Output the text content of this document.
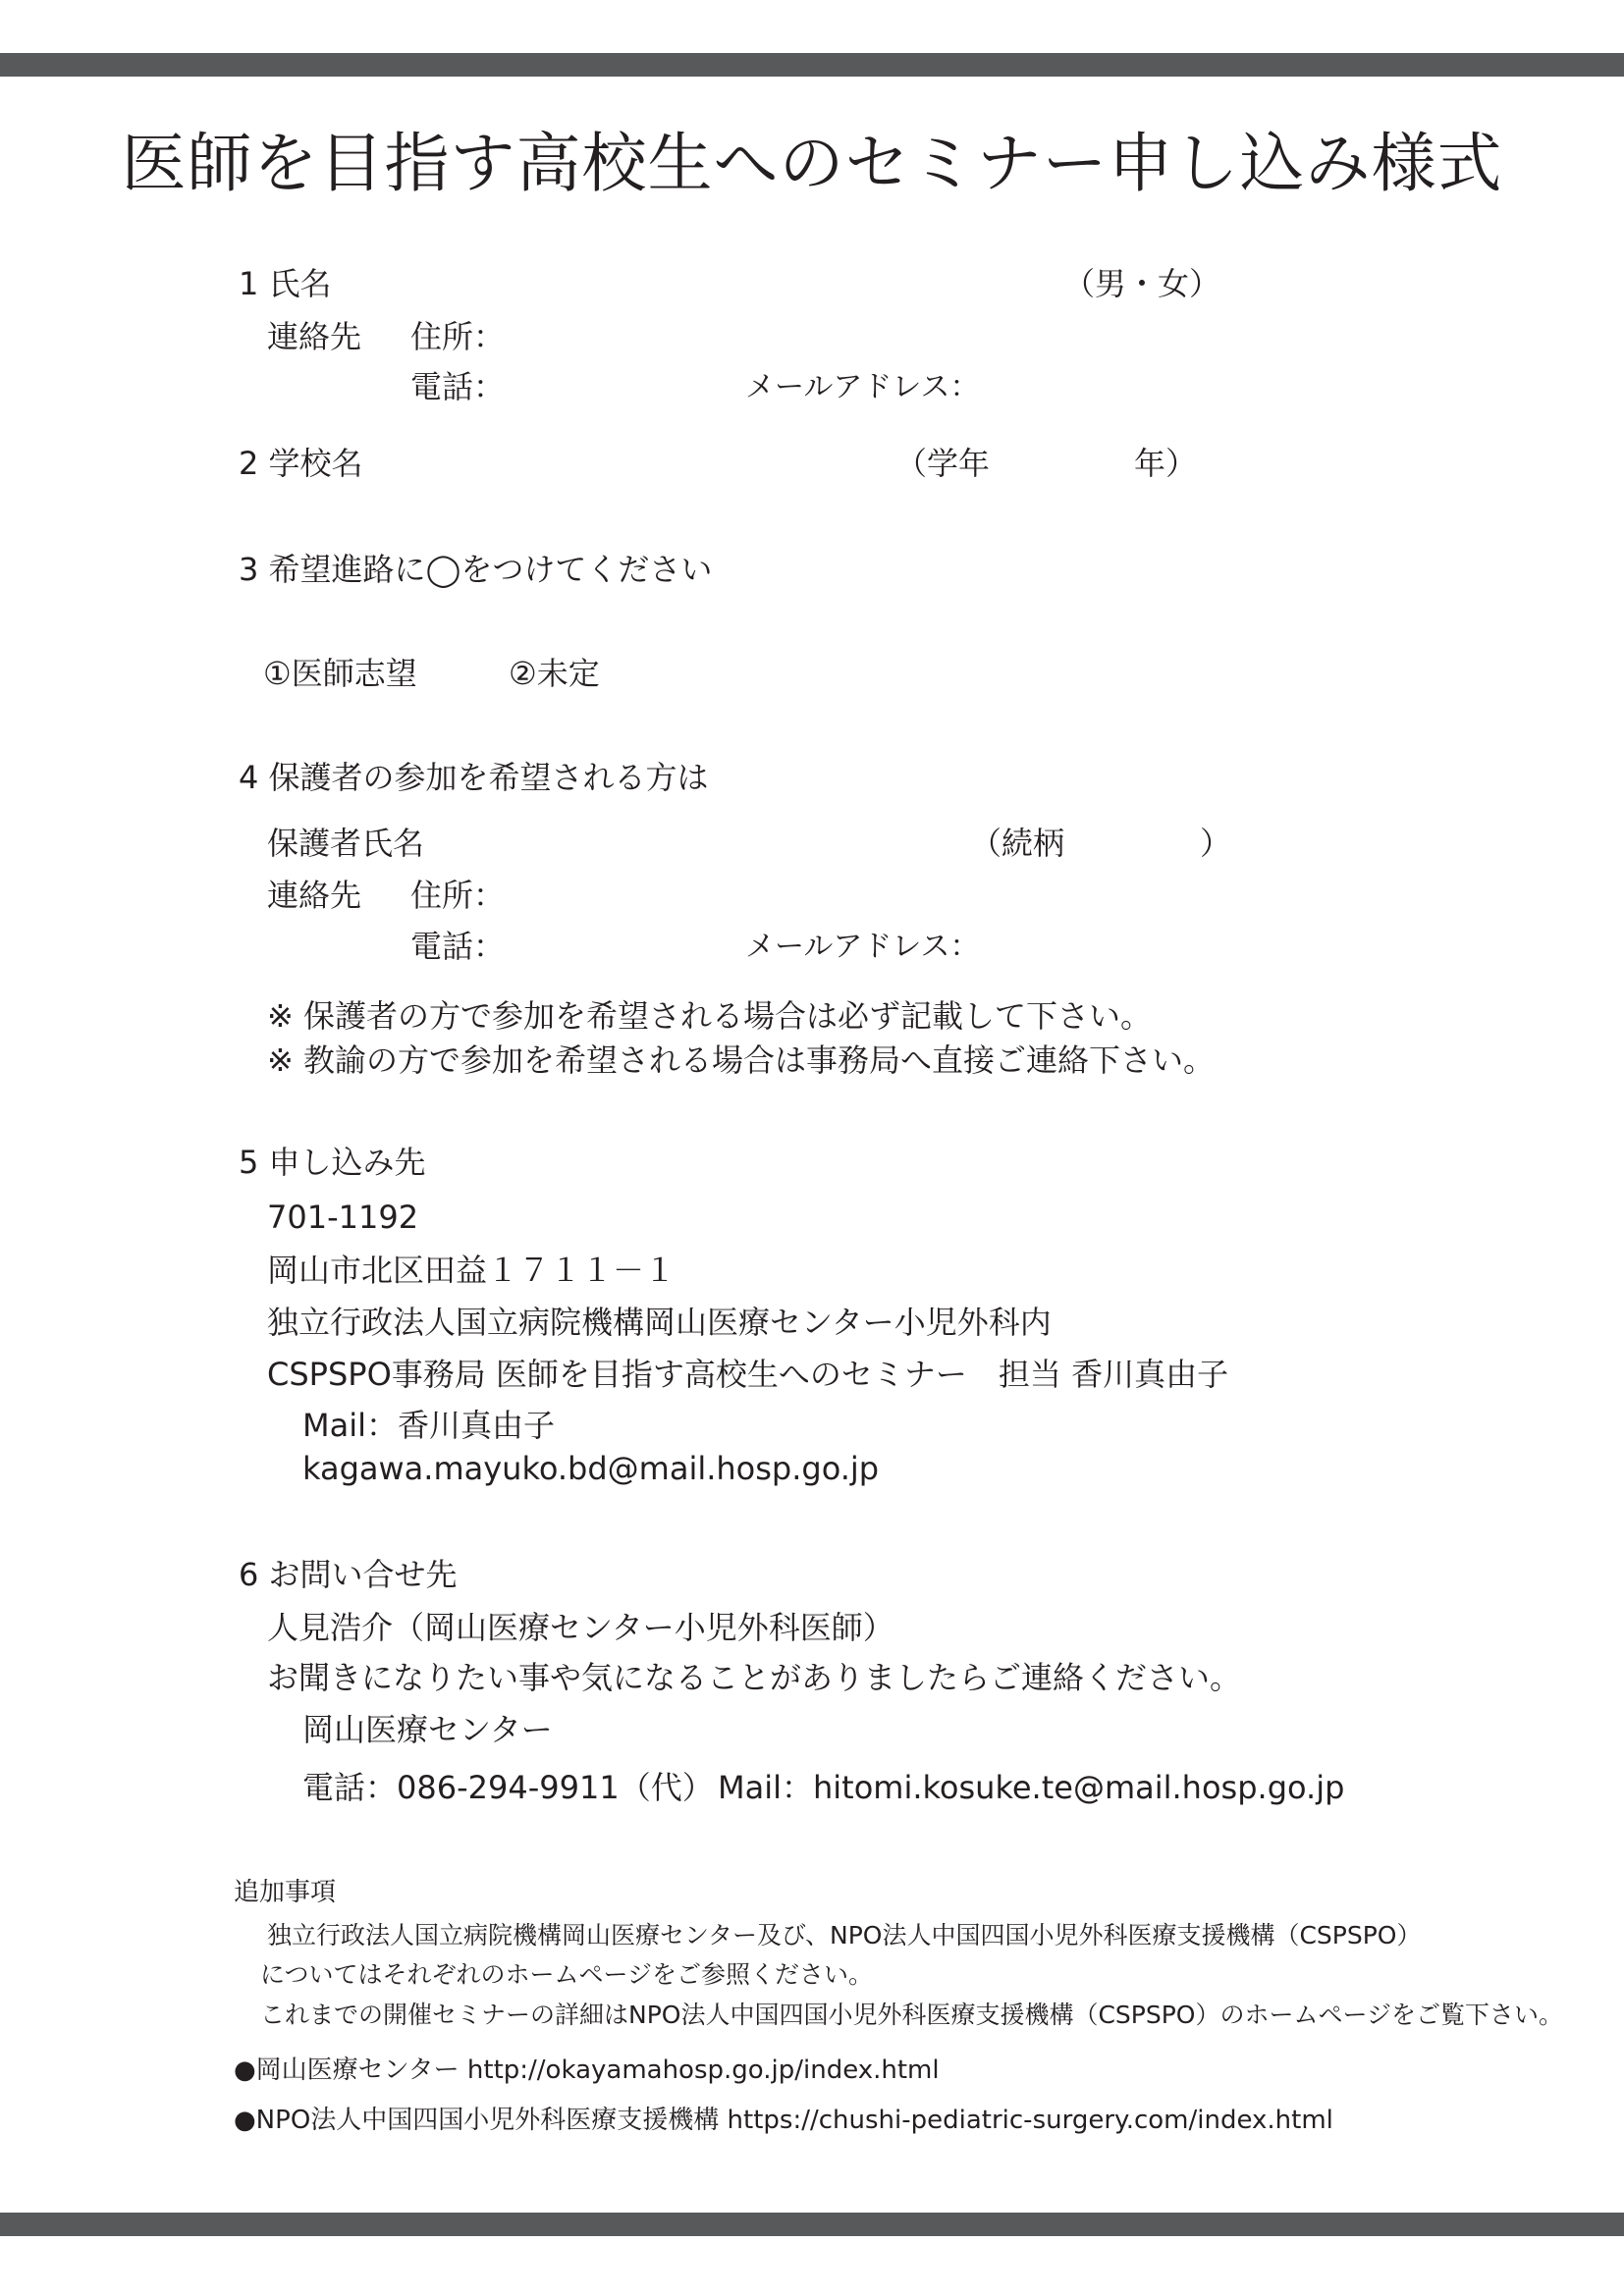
医師を目指す高校生へのセミナー申し込み様式
1 氏名	（男・女）
連絡先 住所：
電話：	メールアドレス：
2 学校名	（学年	年）
3 希望進路に◯をつけてください
①医師志望	②未定
4 保護者の参加を希望される方は
保護者氏名	（続柄	）
連絡先 住所：
電話：	メールアドレス：
※ 保護者の方で参加を希望される場合は必ず記載して下さい。
※ 教諭の方で参加を希望される場合は事務局へ直接ご連絡下さい。
5 申し込み先
701-1192
岡山市北区田益１７１１－１
独立行政法人国立病院機構岡山医療センター小児外科内
CSPSPO事務局 医師を目指す高校生へのセミナー　担当 香川真由子
Mail：香川真由子
kagawa.mayuko.bd@mail.hosp.go.jp
6 お問い合せ先
人見浩介（岡山医療センター小児外科医師）
お聞きになりたい事や気になることがありましたらご連絡ください。
岡山医療センター
電話：086-294-9911（代） Mail：hitomi.kosuke.te@mail.hosp.go.jp
追加事項
独立行政法人国立病院機構岡山医療センター及び、NPO法人中国四国小児外科医療支援機構（CSPSPO）
についてはそれぞれのホームページをご参照ください。
これまでの開催セミナーの詳細はNPO法人中国四国小児外科医療支援機構（CSPSPO）のホームページをご覧下さい。
●岡山医療センター http://okayamahosp.go.jp/index.html
●NPO法人中国四国小児外科医療支援機構 https://chushi-pediatric-surgery.com/index.html
